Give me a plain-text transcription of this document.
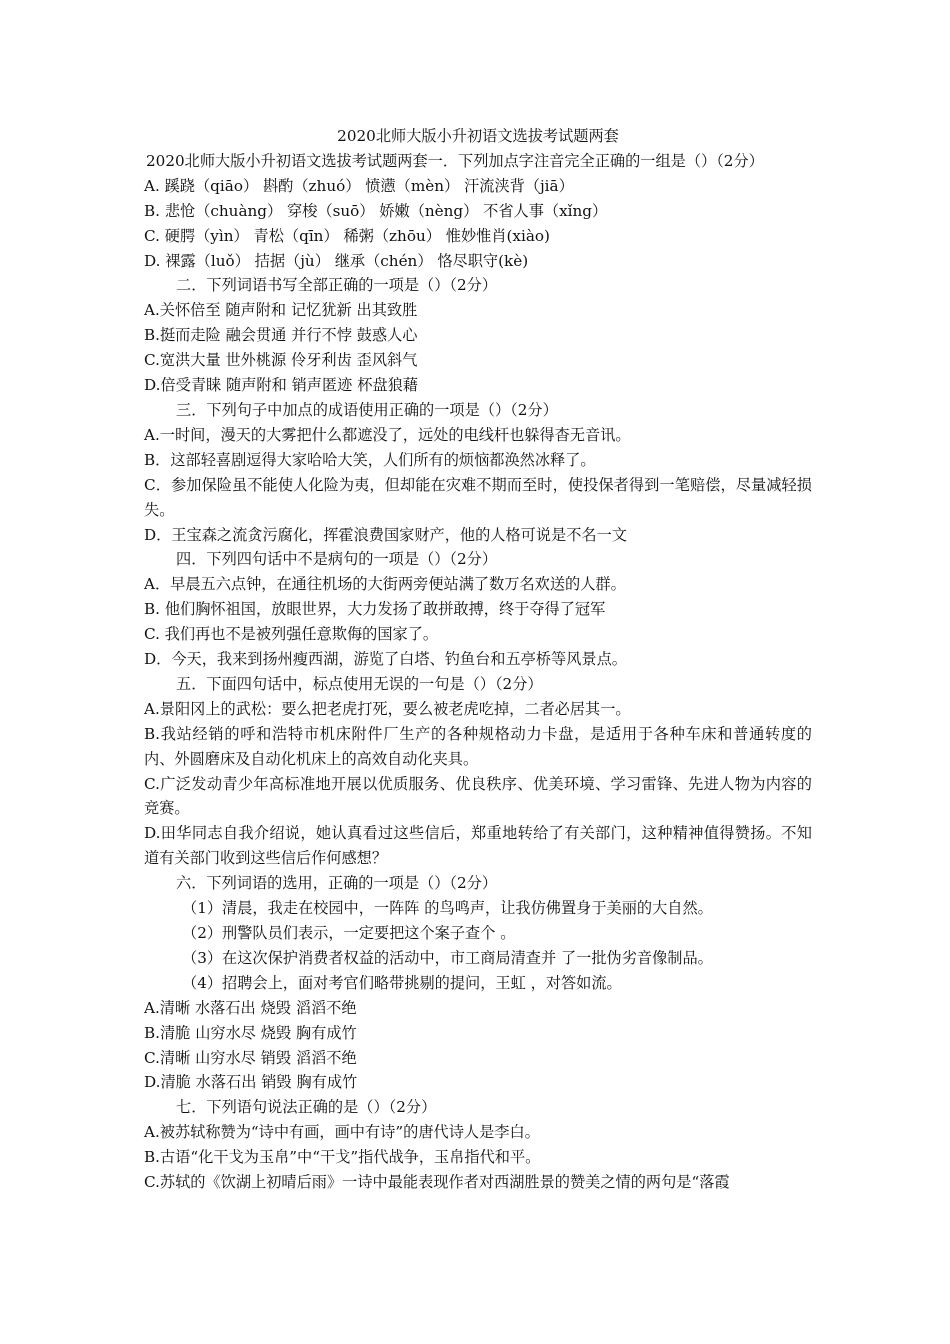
2020北师大版小升初语文选拔考试题两套
2020北师大版小升初语文选拔考试题两套一．下列加点字注音完全正确的一组是（）（2分）
A. 蹊跷（qiāo） 斟酌（zhuó） 愤懑（mèn） 汗流浃背（jiā）
B. 悲怆（chuàng） 穿梭（suō） 娇嫩（nèng） 不省人事（xǐng）
C. 硬腭（yìn） 青松（qīn） 稀粥（zhōu） 惟妙惟肖(xiào)
D. 裸露（luǒ） 拮据（jù） 继承（chén） 恪尽职守(kè)
二．下列词语书写全部正确的一项是（）（2分）
A.关怀倍至 随声附和 记忆犹新 出其致胜
B.挺而走险 融会贯通 并行不悖 鼓惑人心
C.宽洪大量 世外桃源 伶牙利齿 歪风斜气
D.倍受青睐 随声附和 销声匿迹 杯盘狼藉
三．下列句子中加点的成语使用正确的一项是（）（2分）
A.一时间，漫天的大雾把什么都遮没了，远处的电线杆也躲得杳无音讯。
B．这部轻喜剧逗得大家哈哈大笑，人们所有的烦恼都涣然冰释了。
C．参加保险虽不能使人化险为夷，但却能在灾难不期而至时，使投保者得到一笔赔偿，尽量减轻损失。
D．王宝森之流贪污腐化，挥霍浪费国家财产，他的人格可说是不名一文
四．下列四句话中不是病句的一项是（）（2分）
A．早晨五六点钟，在通往机场的大街两旁便站满了数万名欢送的人群。
B. 他们胸怀祖国，放眼世界，大力发扬了敢拼敢搏，终于夺得了冠军
C. 我们再也不是被列强任意欺侮的国家了。
D．今天，我来到扬州瘦西湖，游览了白塔、钓鱼台和五亭桥等风景点。
五．下面四句话中，标点使用无误的一句是（）（2分）
A.景阳冈上的武松：要么把老虎打死，要么被老虎吃掉，二者必居其一。
B.我站经销的呼和浩特市机床附件厂生产的各种规格动力卡盘，是适用于各种车床和普通转度的内、外圆磨床及自动化机床上的高效自动化夹具。
C.广泛发动青少年高标准地开展以优质服务、优良秩序、优美环境、学习雷锋、先进人物为内容的竞赛。
D.田华同志自我介绍说，她认真看过这些信后，郑重地转给了有关部门，这种精神值得赞扬。不知道有关部门收到这些信后作何感想？
六．下列词语的选用，正确的一项是（）（2分）
（1）清晨，我走在校园中，一阵阵 的鸟鸣声，让我仿佛置身于美丽的大自然。
（2）刑警队员们表示，一定要把这个案子查个 。
（3）在这次保护消费者权益的活动中，市工商局清查并 了一批伪劣音像制品。
（4）招聘会上，面对考官们略带挑剔的提问，王虹 ，对答如流。
A.清晰 水落石出 烧毁 滔滔不绝
B.清脆 山穷水尽 烧毁 胸有成竹
C.清晰 山穷水尽 销毁 滔滔不绝
D.清脆 水落石出 销毁 胸有成竹
七．下列语句说法正确的是（）（2分）
A.被苏轼称赞为“诗中有画，画中有诗”的唐代诗人是李白。
B.古语“化干戈为玉帛”中“干戈”指代战争，玉帛指代和平。
C.苏轼的《饮湖上初晴后雨》一诗中最能表现作者对西湖胜景的赞美之情的两句是“落霞
